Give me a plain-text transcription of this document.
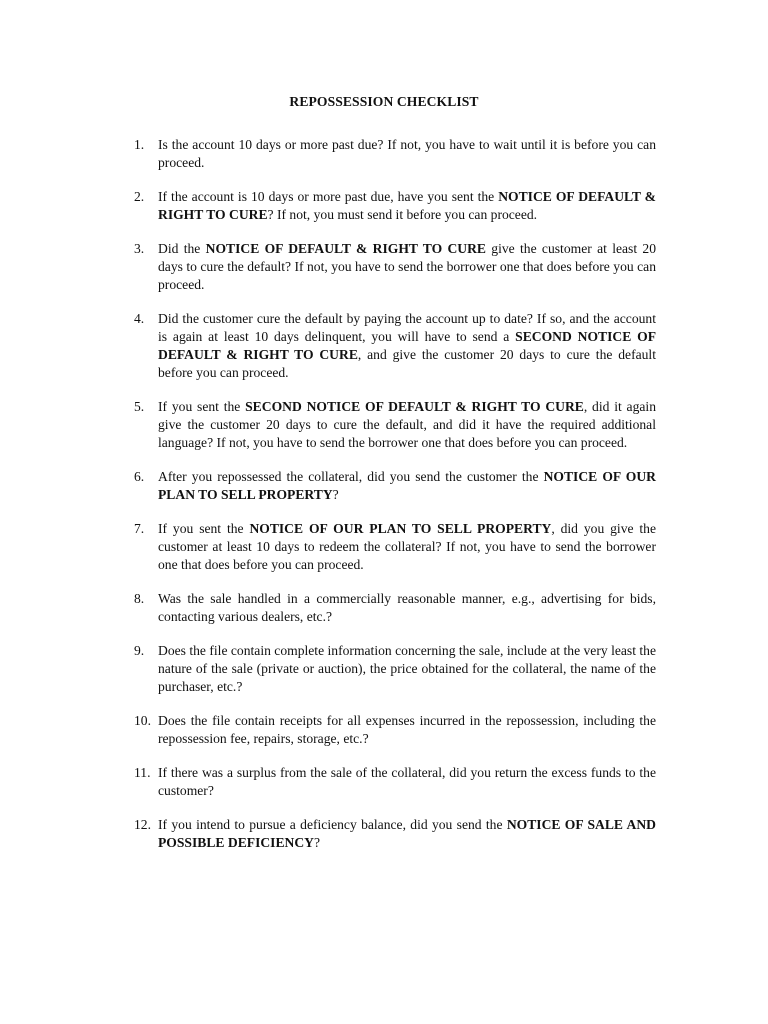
REPOSSESSION CHECKLIST
1. Is the account 10 days or more past due? If not, you have to wait until it is before you can proceed.
2. If the account is 10 days or more past due, have you sent the NOTICE OF DEFAULT & RIGHT TO CURE? If not, you must send it before you can proceed.
3. Did the NOTICE OF DEFAULT & RIGHT TO CURE give the customer at least 20 days to cure the default? If not, you have to send the borrower one that does before you can proceed.
4. Did the customer cure the default by paying the account up to date? If so, and the account is again at least 10 days delinquent, you will have to send a SECOND NOTICE OF DEFAULT & RIGHT TO CURE, and give the customer 20 days to cure the default before you can proceed.
5. If you sent the SECOND NOTICE OF DEFAULT & RIGHT TO CURE, did it again give the customer 20 days to cure the default, and did it have the required additional language? If not, you have to send the borrower one that does before you can proceed.
6. After you repossessed the collateral, did you send the customer the NOTICE OF OUR PLAN TO SELL PROPERTY?
7. If you sent the NOTICE OF OUR PLAN TO SELL PROPERTY, did you give the customer at least 10 days to redeem the collateral? If not, you have to send the borrower one that does before you can proceed.
8. Was the sale handled in a commercially reasonable manner, e.g., advertising for bids, contacting various dealers, etc.?
9. Does the file contain complete information concerning the sale, include at the very least the nature of the sale (private or auction), the price obtained for the collateral, the name of the purchaser, etc.?
10. Does the file contain receipts for all expenses incurred in the repossession, including the repossession fee, repairs, storage, etc.?
11. If there was a surplus from the sale of the collateral, did you return the excess funds to the customer?
12. If you intend to pursue a deficiency balance, did you send the NOTICE OF SALE AND POSSIBLE DEFICIENCY?
